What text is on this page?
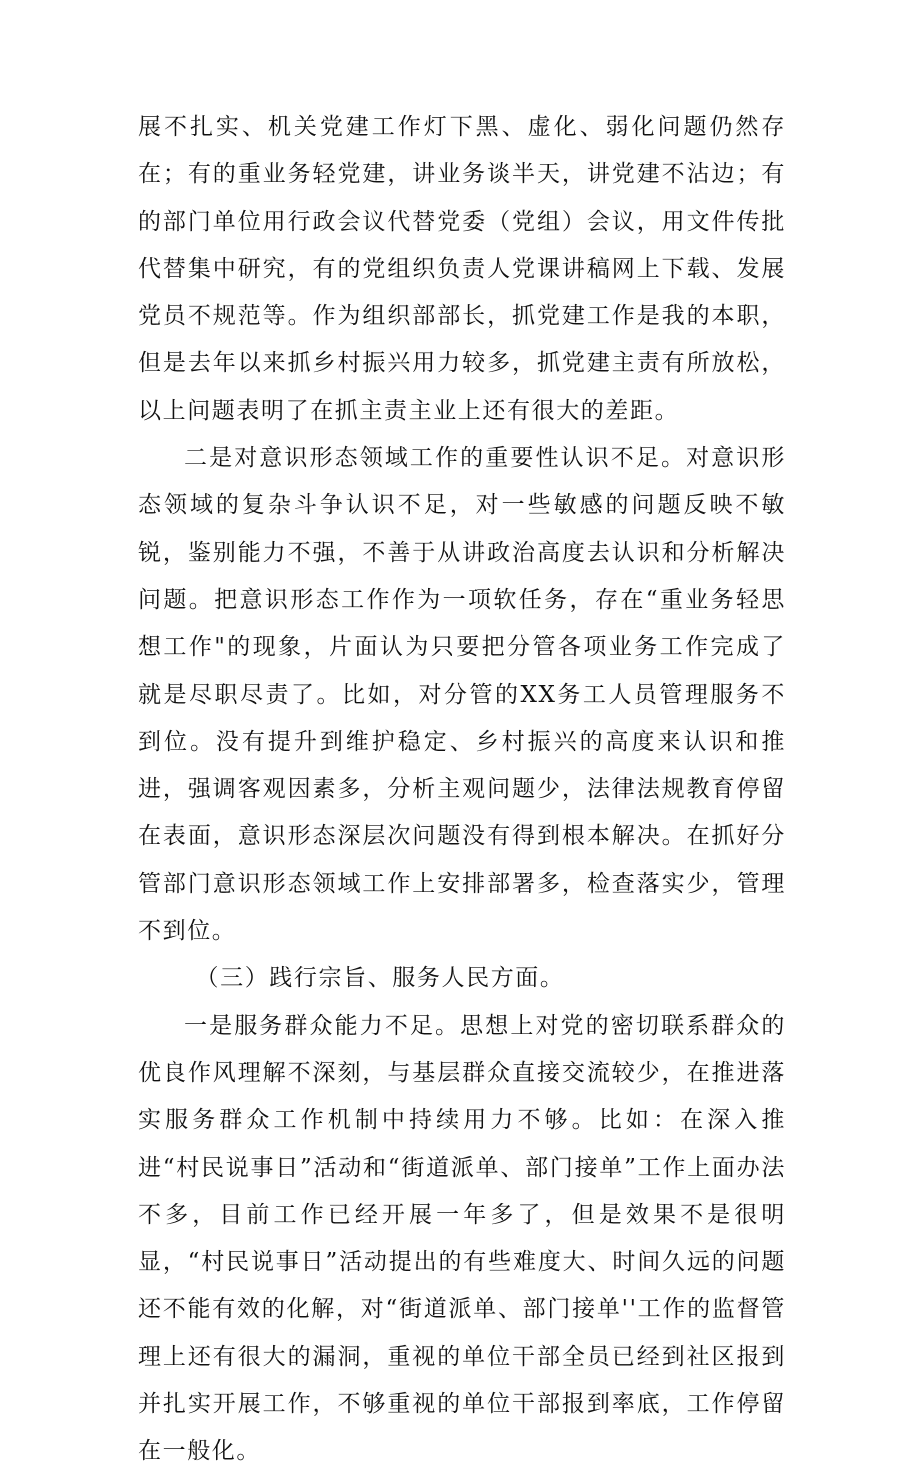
展不扎实、机关党建工作灯下黑、虚化、弱化问题仍然存在；有的重业务轻党建，讲业务谈半天，讲党建不沾边；有的部门单位用行政会议代替党委（党组）会议，用文件传批代替集中研究，有的党组织负责人党课讲稿网上下载、发展党员不规范等。作为组织部部长，抓党建工作是我的本职，但是去年以来抓乡村振兴用力较多，抓党建主责有所放松，以上问题表明了在抓主责主业上还有很大的差距。

二是对意识形态领域工作的重要性认识不足。对意识形态领域的复杂斗争认识不足，对一些敏感的问题反映不敏锐，鉴别能力不强，不善于从讲政治高度去认识和分析解决问题。把意识形态工作作为一项软任务，存在“重业务轻思想工作"的现象，片面认为只要把分管各项业务工作完成了就是尽职尽责了。比如，对分管的XX务工人员管理服务不到位。没有提升到维护稳定、乡村振兴的高度来认识和推进，强调客观因素多，分析主观问题少，法律法规教育停留在表面，意识形态深层次问题没有得到根本解决。在抓好分管部门意识形态领域工作上安排部署多，检查落实少，管理不到位。

（三）践行宗旨、服务人民方面。

一是服务群众能力不足。思想上对党的密切联系群众的优良作风理解不深刻，与基层群众直接交流较少，在推进落实服务群众工作机制中持续用力不够。比如：在深入推进“村民说事日”活动和“街道派单、部门接单”工作上面办法不多，目前工作已经开展一年多了，但是效果不是很明显，“村民说事日”活动提出的有些难度大、时间久远的问题还不能有效的化解，对“街道派单、部门接单''工作的监督管理上还有很大的漏洞，重视的单位干部全员已经到社区报到并扎实开展工作，不够重视的单位干部报到率底，工作停留在一般化。
